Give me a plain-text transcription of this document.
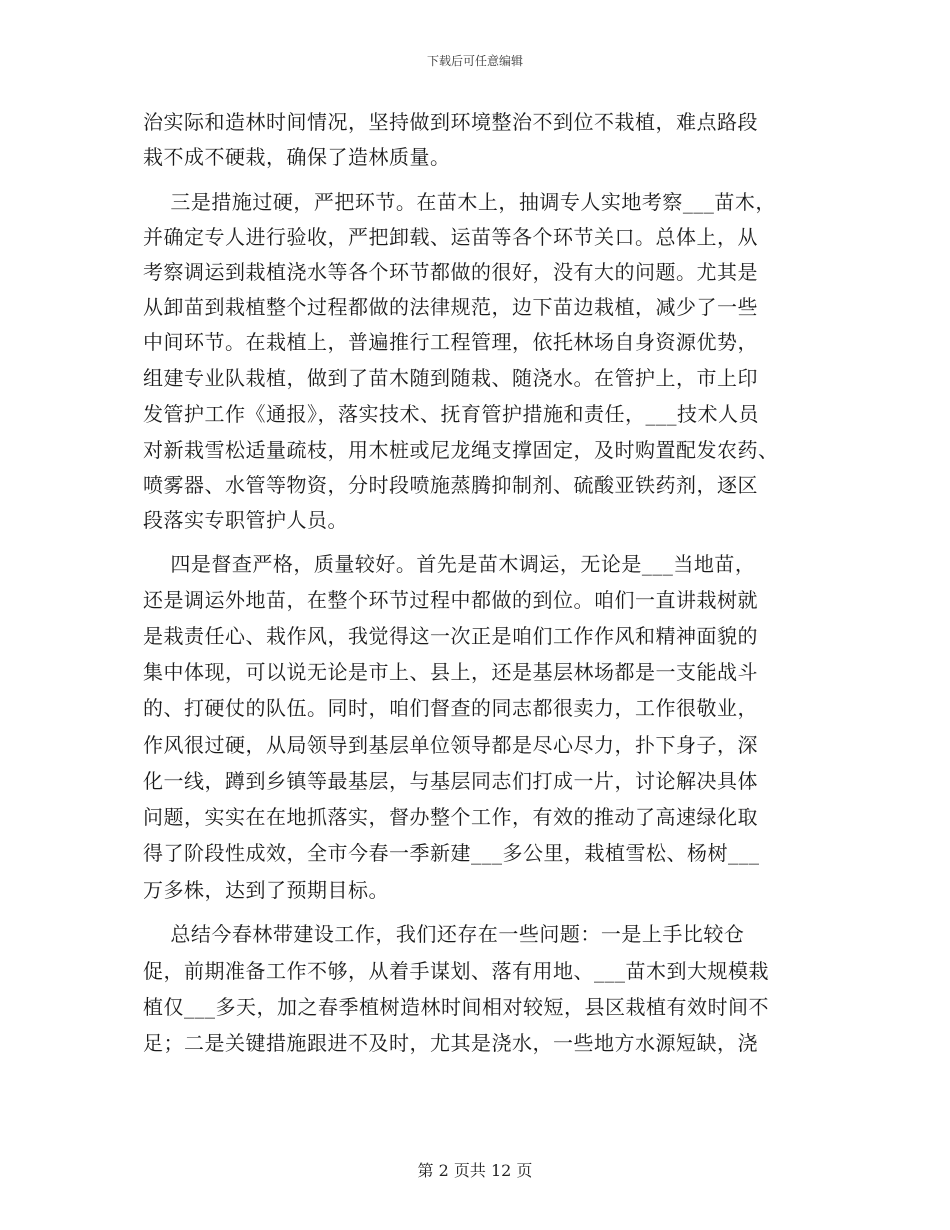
下载后可任意编辑
治实际和造林时间情况，坚持做到环境整治不到位不栽植，难点路段
栽不成不硬栽，确保了造林质量。
三是措施过硬，严把环节。在苗木上，抽调专人实地考察___苗木，
并确定专人进行验收，严把卸载、运苗等各个环节关口。总体上，从
考察调运到栽植浇水等各个环节都做的很好，没有大的问题。尤其是
从卸苗到栽植整个过程都做的法律规范，边下苗边栽植，减少了一些
中间环节。在栽植上，普遍推行工程管理，依托林场自身资源优势，
组建专业队栽植，做到了苗木随到随栽、随浇水。在管护上，市上印
发管护工作《通报》，落实技术、抚育管护措施和责任，___技术人员
对新栽雪松适量疏枝，用木桩或尼龙绳支撑固定，及时购置配发农药、
喷雾器、水管等物资，分时段喷施蒸腾抑制剂、硫酸亚铁药剂，逐区
段落实专职管护人员。
四是督查严格，质量较好。首先是苗木调运，无论是___当地苗，
还是调运外地苗，在整个环节过程中都做的到位。咱们一直讲栽树就
是栽责任心、栽作风，我觉得这一次正是咱们工作作风和精神面貌的
集中体现，可以说无论是市上、县上，还是基层林场都是一支能战斗
的、打硬仗的队伍。同时，咱们督查的同志都很卖力，工作很敬业，
作风很过硬，从局领导到基层单位领导都是尽心尽力，扑下身子，深
化一线，蹲到乡镇等最基层，与基层同志们打成一片，讨论解决具体
问题，实实在在地抓落实，督办整个工作，有效的推动了高速绿化取
得了阶段性成效，全市今春一季新建___多公里，栽植雪松、杨树___
万多株，达到了预期目标。
总结今春林带建设工作，我们还存在一些问题：一是上手比较仓
促，前期准备工作不够，从着手谋划、落有用地、___苗木到大规模栽
植仅___多天，加之春季植树造林时间相对较短，县区栽植有效时间不
足；二是关键措施跟进不及时，尤其是浇水，一些地方水源短缺，浇
第 2 页共 12 页
